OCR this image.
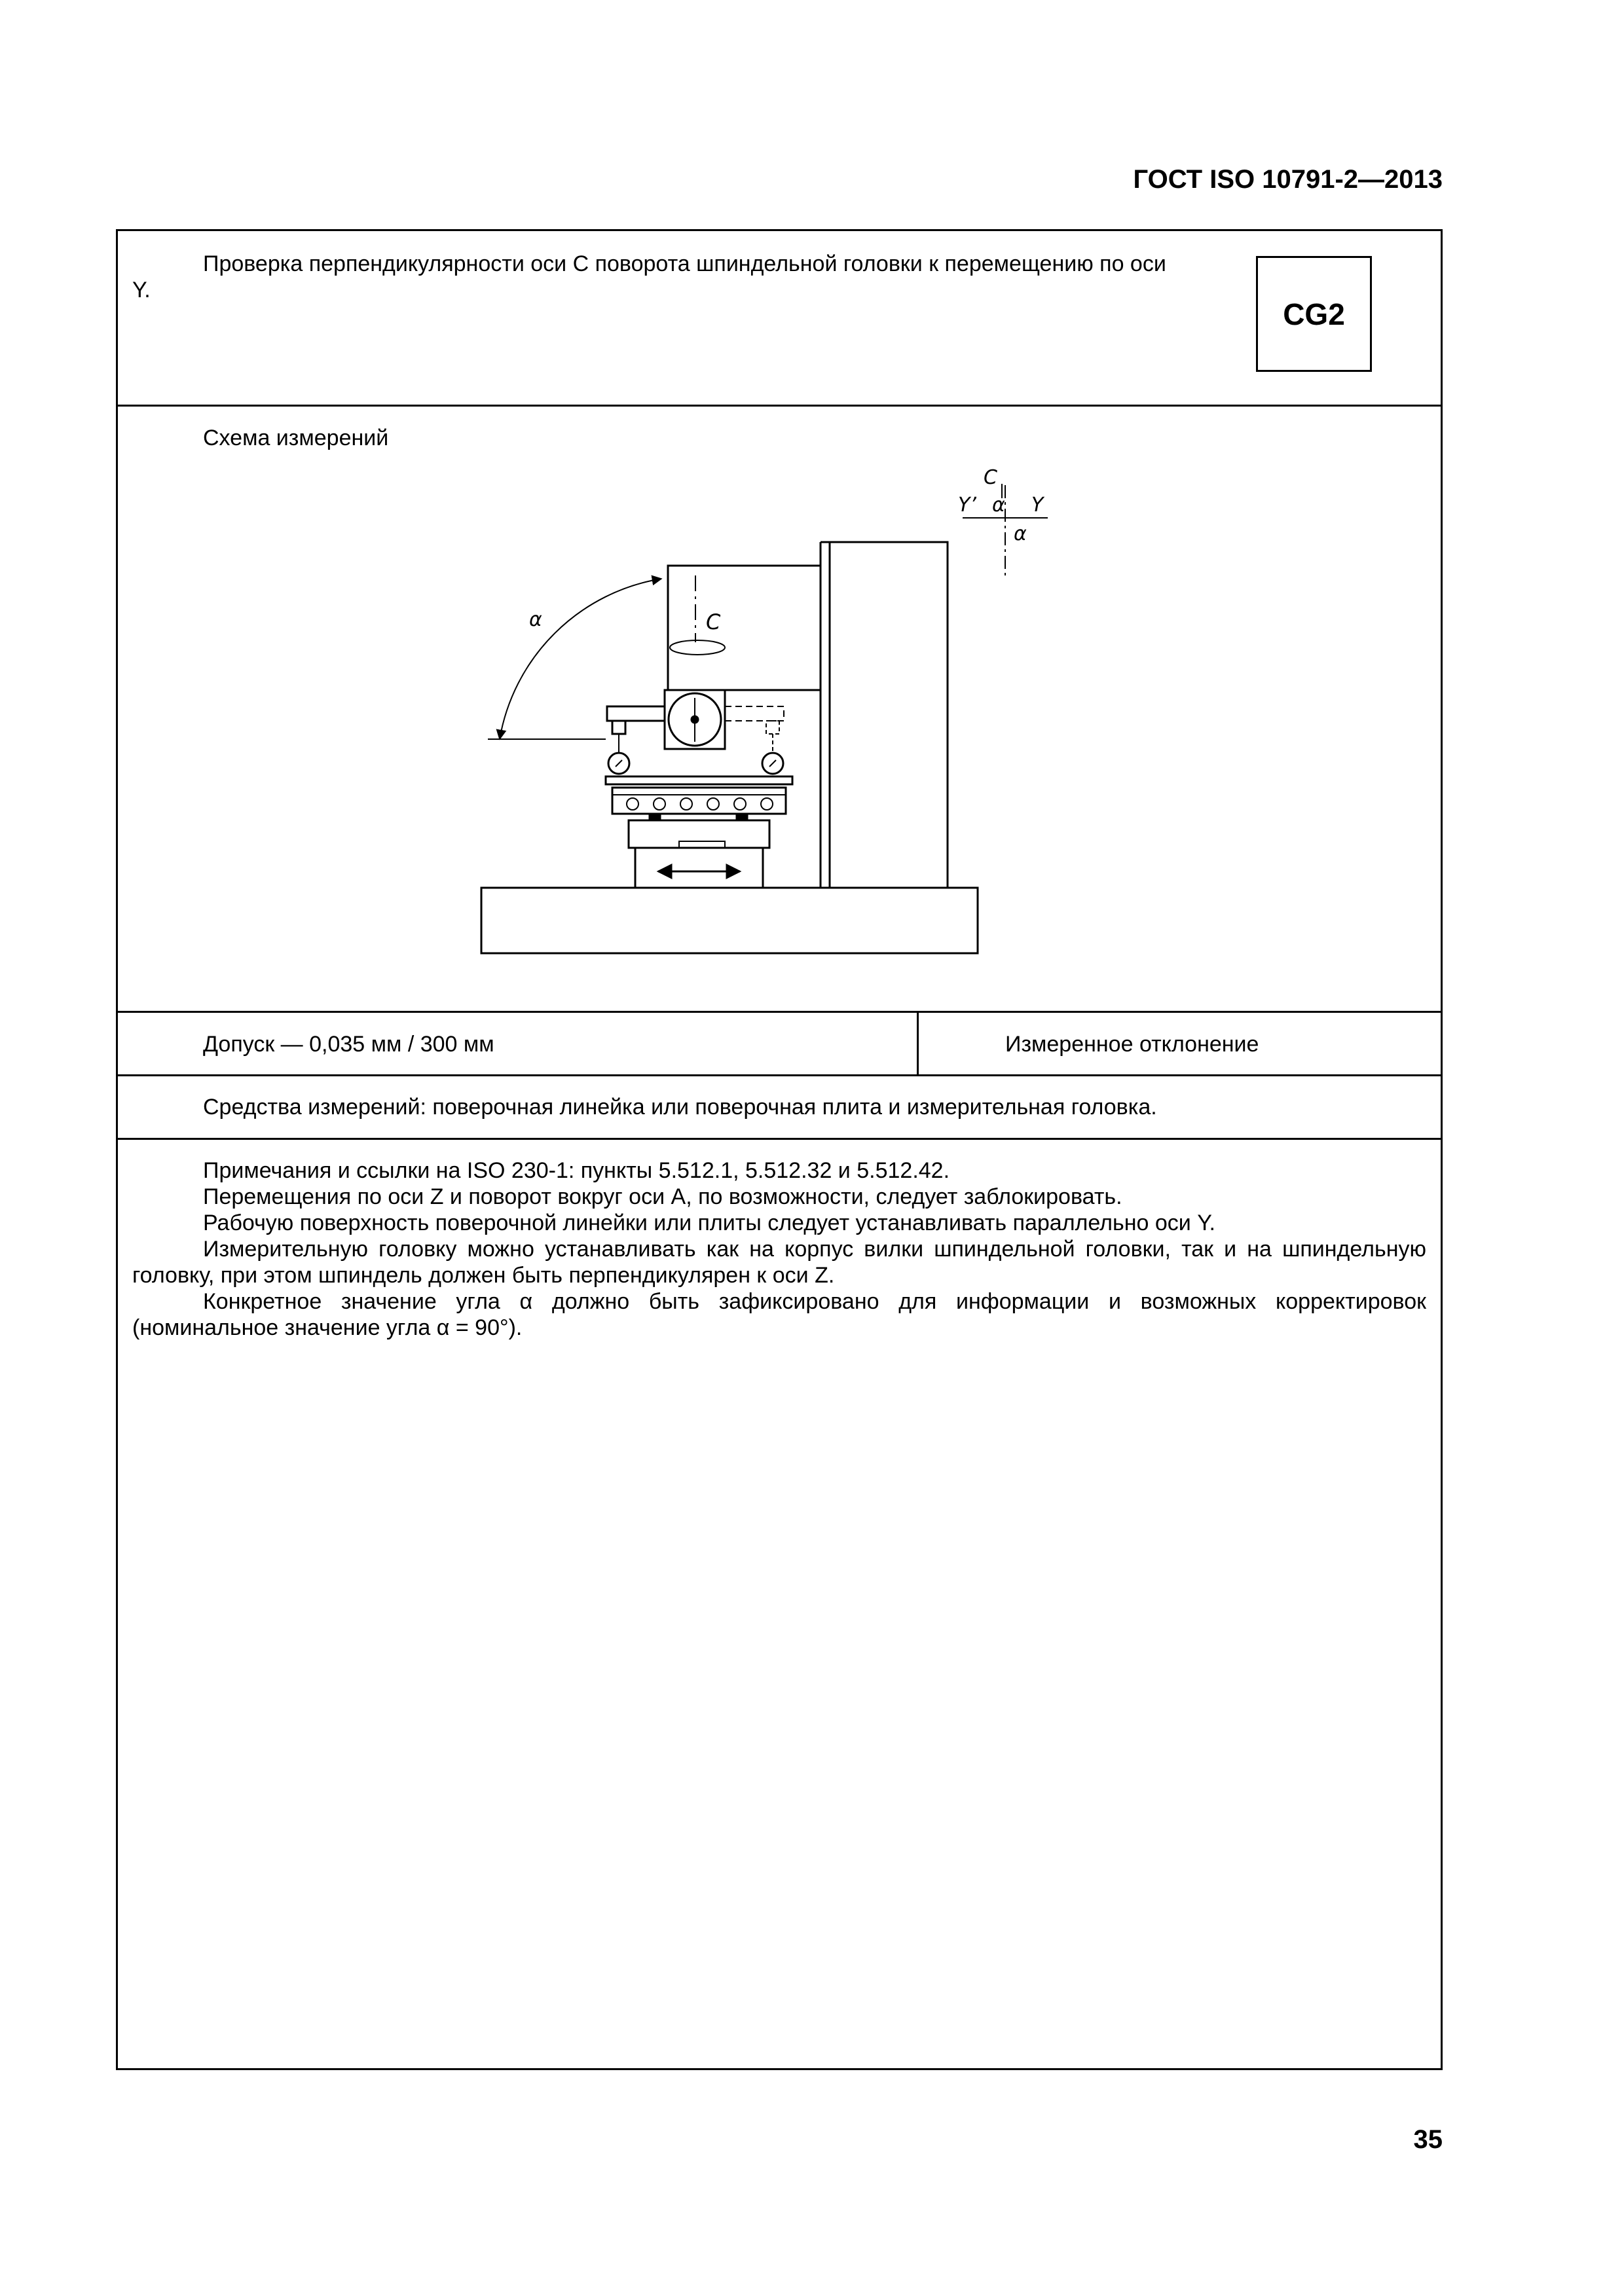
ГОСТ ISO 10791-2—2013
Проверка перпендикулярности оси С поворота шпиндельной головки к перемещению по оси Y.
CG2
Схема измерений
C
Y’ α Y
α
α	C
Допуск — 0,035 мм / 300 мм	Измеренное отклонение
Средства измерений: поверочная линейка или поверочная плита и измерительная головка.

Примечания и ссылки на ISO 230-1: пункты 5.512.1, 5.512.32 и 5.512.42.

Перемещения по оси Z и поворот вокруг оси А, по возможности, следует заблокировать.

Рабочую поверхность поверочной линейки или плиты следует устанавливать параллельно оси Y.

Измерительную головку можно устанавливать как на корпус вилки шпиндельной головки, так и на шпиндельную головку, при этом шпиндель должен быть перпендикулярен к оси Z.

Конкретное значение угла α должно быть зафиксировано для информации и возможных корректировок (номинальное значение угла α = 90°).

35
